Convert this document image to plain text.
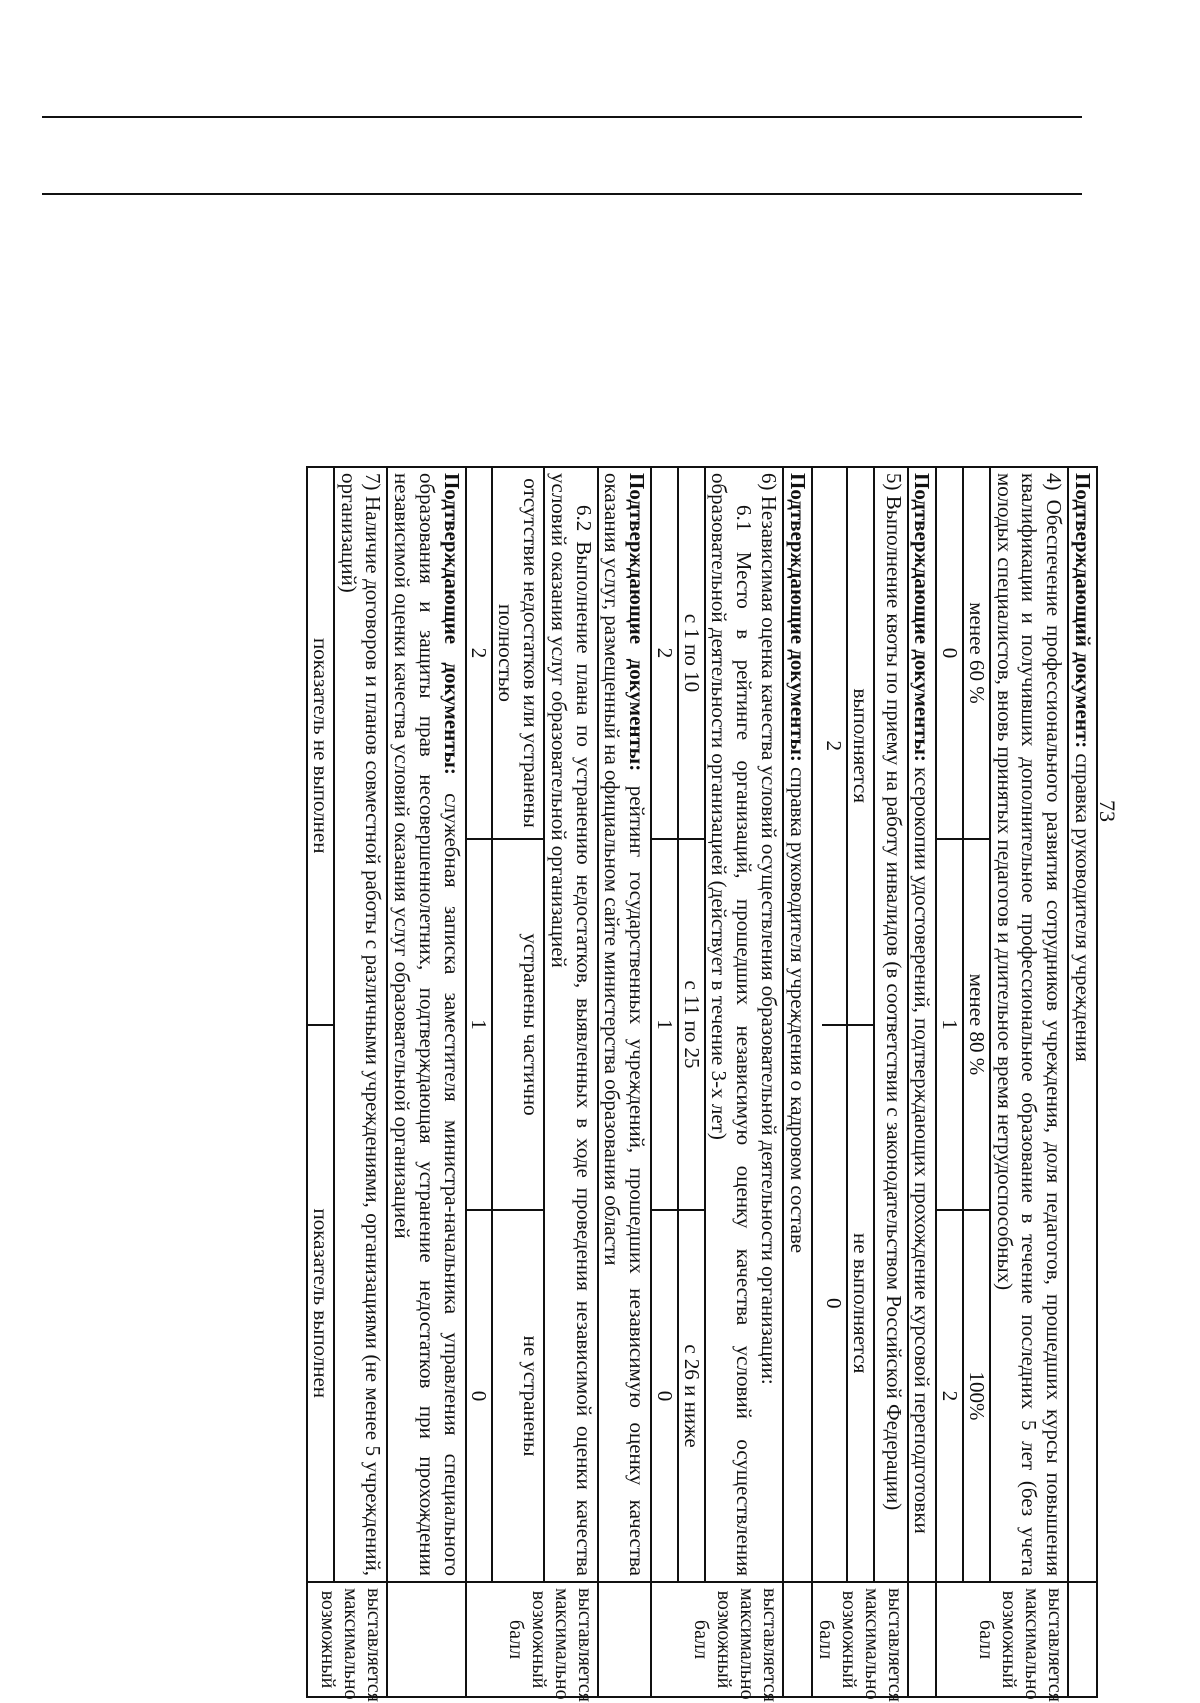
73
Подтверждающий документ: справка руководителя учреждения	
4) Обеспечение профессионального развития сотрудников учреждения, доля педагогов, прошедших курсы повышения квалификации и получивших дополнительное профессиональное образование в течение последних 5 лет (без учета молодых специалистов, вновь принятых педагогов и длительное время нетрудоспособных)	выставляется максимально возможный балл

менее 60 %	менее 80 %	100%
0	1	2

Подтверждающие документы: ксерокопии удостоверений, подтверждающих прохождение курсовой переподготовки	
5) Выполнение квоты по приему на работу инвалидов (в соответствии с законодательством Российской Федерации)	выставляется максимально возможный балл

выполняется	не выполняется
2	0

Подтверждающие документы: справка руководителя учреждения о кадровом составе	

6) Независимая оценка качества условий осуществления образовательной деятельности организации:
6.1 Место в рейтинге организаций, прошедших независимую оценку качества условий осуществления образовательной деятельности организацией (действует в течение 3-х лет)
	выставляется максимально возможный балл

с 1 по 10	с 11 по 25	с 26 и ниже
2	1	0

Подтверждающие документы: рейтинг государственных учреждений, прошедших независимую оценку качества оказания услуг, размещенный на официальном сайте министерства образования области	
6.2 Выполнение плана по устранению недостатков, выявленных в ходе проведения независимой оценки качества условий оказания услуг образовательной организацией	выставляется максимально возможный балл

отсутствие недостатков или устранены полностью	устранены частично	не устранены
2	1	0

Подтверждающие документы: служебная записка заместителя министра-начальника управления специального образования и защиты прав несовершеннолетних, подтверждающая устранение недостатков при прохождении независимой оценки качества условий оказания услуг образовательной организацией	
7) Наличие договоров и планов совместной работы с различными учреждениями, организациями (не менее 5 учреждений, организаций)	выставляется максимально возможный

показатель не выполнен	показатель выполнен
